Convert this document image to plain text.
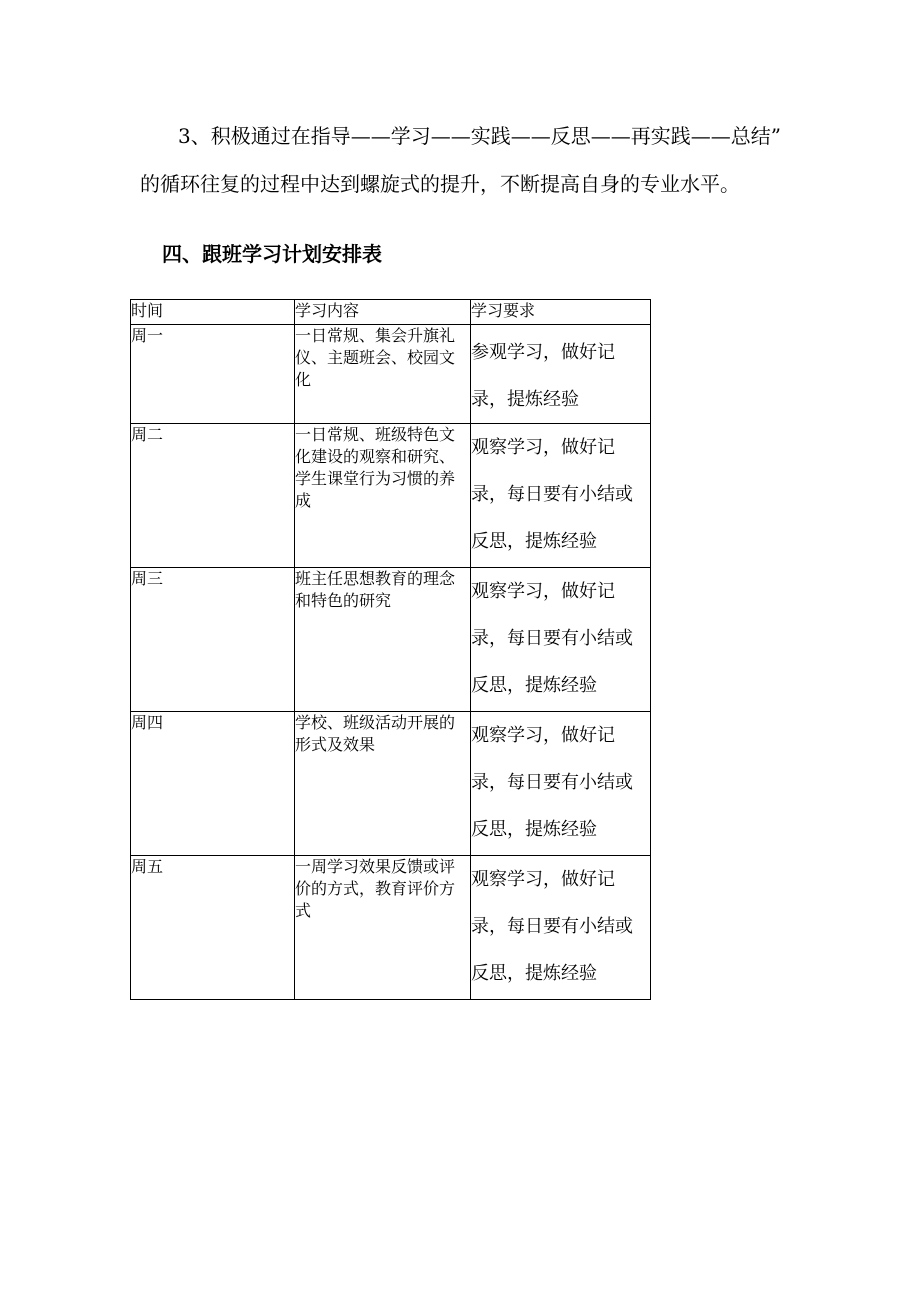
3、积极通过在指导——学习——实践——反思——再实践——总结”
的循环往复的过程中达到螺旋式的提升，不断提高自身的专业水平。
四、跟班学习计划安排表
时间	学习内容	学习要求
周一	一日常规、集会升旗礼仪、主题班会、校园文化	参观学习，做好记录，提炼经验
周二	一日常规、班级特色文化建设的观察和研究、学生课堂行为习惯的养成	观察学习，做好记录，每日要有小结或反思，提炼经验
周三	班主任思想教育的理念和特色的研究	观察学习，做好记录，每日要有小结或反思，提炼经验
周四	学校、班级活动开展的形式及效果	观察学习，做好记录，每日要有小结或反思，提炼经验
周五	一周学习效果反馈或评价的方式，教育评价方式	观察学习，做好记录，每日要有小结或反思，提炼经验
